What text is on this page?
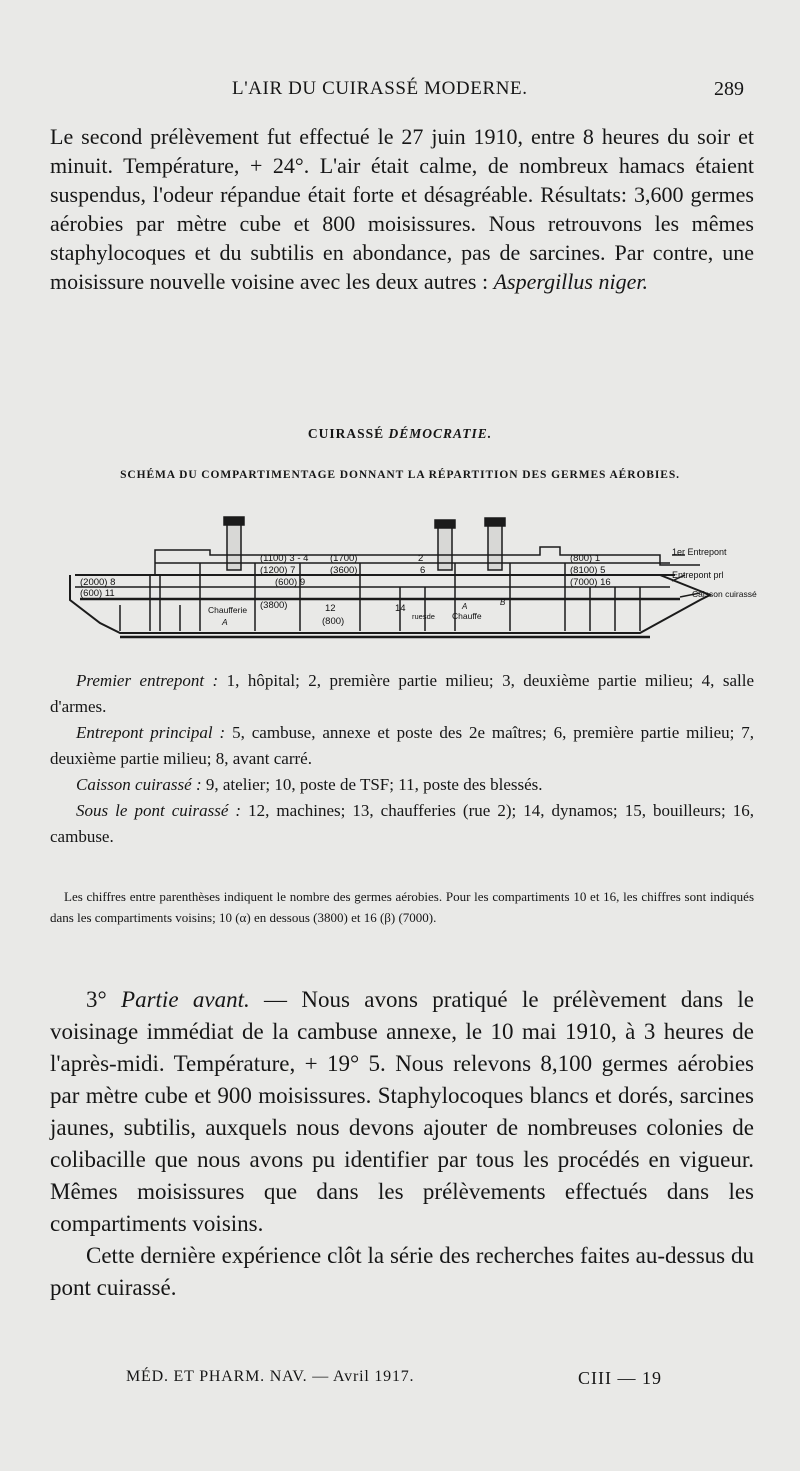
L'AIR DU CUIRASSÉ MODERNE.	289

Le second prélèvement fut effectué le 27 juin 1910, entre 8 heures du soir et minuit. Température, + 24°. L'air était calme, de nombreux hamacs étaient suspendus, l'odeur répandue était forte et désagréable. Résultats: 3,600 germes aérobies par mètre cube et 800 moisissures. Nous retrouvons les mêmes staphylocoques et du subtilis en abondance, pas de sarcines. Par contre, une moisissure nouvelle voisine avec les deux autres : Aspergillus niger.

CUIRASSÉ DÉMOCRATIE.
SCHÉMA DU COMPARTIMENTAGE DONNANT LA RÉPARTITION DES GERMES AÉROBIES.
(1100) 3 - 4 (1700)	2	(800) 1
(1200) 7	(3600)	6	(8100) 5
(2000) 8	(600) 9	(7000) 16
(600) 11
(3800)	12
(800)
14
Chaufferie
A
Chauffe
ruesde
A	B
1er Entrepont
Entrepont prl
Caisson cuirassé

Premier entrepont : 1, hôpital; 2, première partie milieu; 3, deuxième partie milieu; 4, salle d'armes.

Entrepont principal : 5, cambuse, annexe et poste des 2e maîtres; 6, première partie milieu; 7, deuxième partie milieu; 8, avant carré.

Caisson cuirassé : 9, atelier; 10, poste de TSF; 11, poste des blessés.

Sous le pont cuirassé : 12, machines; 13, chaufferies (rue 2); 14, dynamos; 15, bouilleurs; 16, cambuse.

Les chiffres entre parenthèses indiquent le nombre des germes aérobies. Pour les compartiments 10 et 16, les chiffres sont indiqués dans les compartiments voisins; 10 (α) en dessous (3800) et 16 (β) (7000).

3° Partie avant. — Nous avons pratiqué le prélèvement dans le voisinage immédiat de la cambuse annexe, le 10 mai 1910, à 3 heures de l'après-midi. Température, + 19° 5. Nous relevons 8,100 germes aérobies par mètre cube et 900 moisissures. Staphylocoques blancs et dorés, sarcines jaunes, subtilis, auxquels nous devons ajouter de nombreuses colonies de colibacille que nous avons pu identifier par tous les procédés en vigueur. Mêmes moisissures que dans les prélèvements effectués dans les compartiments voisins.

Cette dernière expérience clôt la série des recherches faites au-dessus du pont cuirassé.

MÉD. ET PHARM. NAV. — Avril 1917.	CIII — 19
